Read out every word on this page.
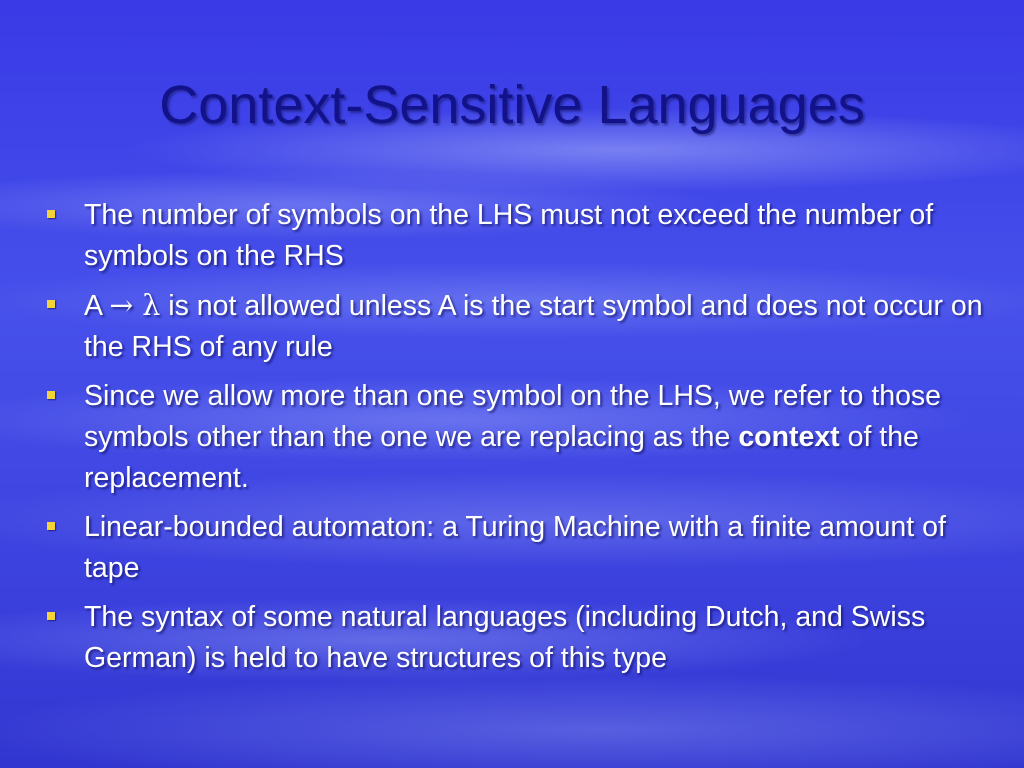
Context-Sensitive Languages
The number of symbols on the LHS must not exceed the number of symbols on the RHS
A → λ is not allowed unless A is the start symbol and does not occur on the RHS of any rule
Since we allow more than one symbol on the LHS, we refer to those symbols other than the one we are replacing as the context of the replacement.
Linear-bounded automaton: a Turing Machine with a finite amount of tape
The syntax of some natural languages (including Dutch, and Swiss German) is held to have structures of this type
